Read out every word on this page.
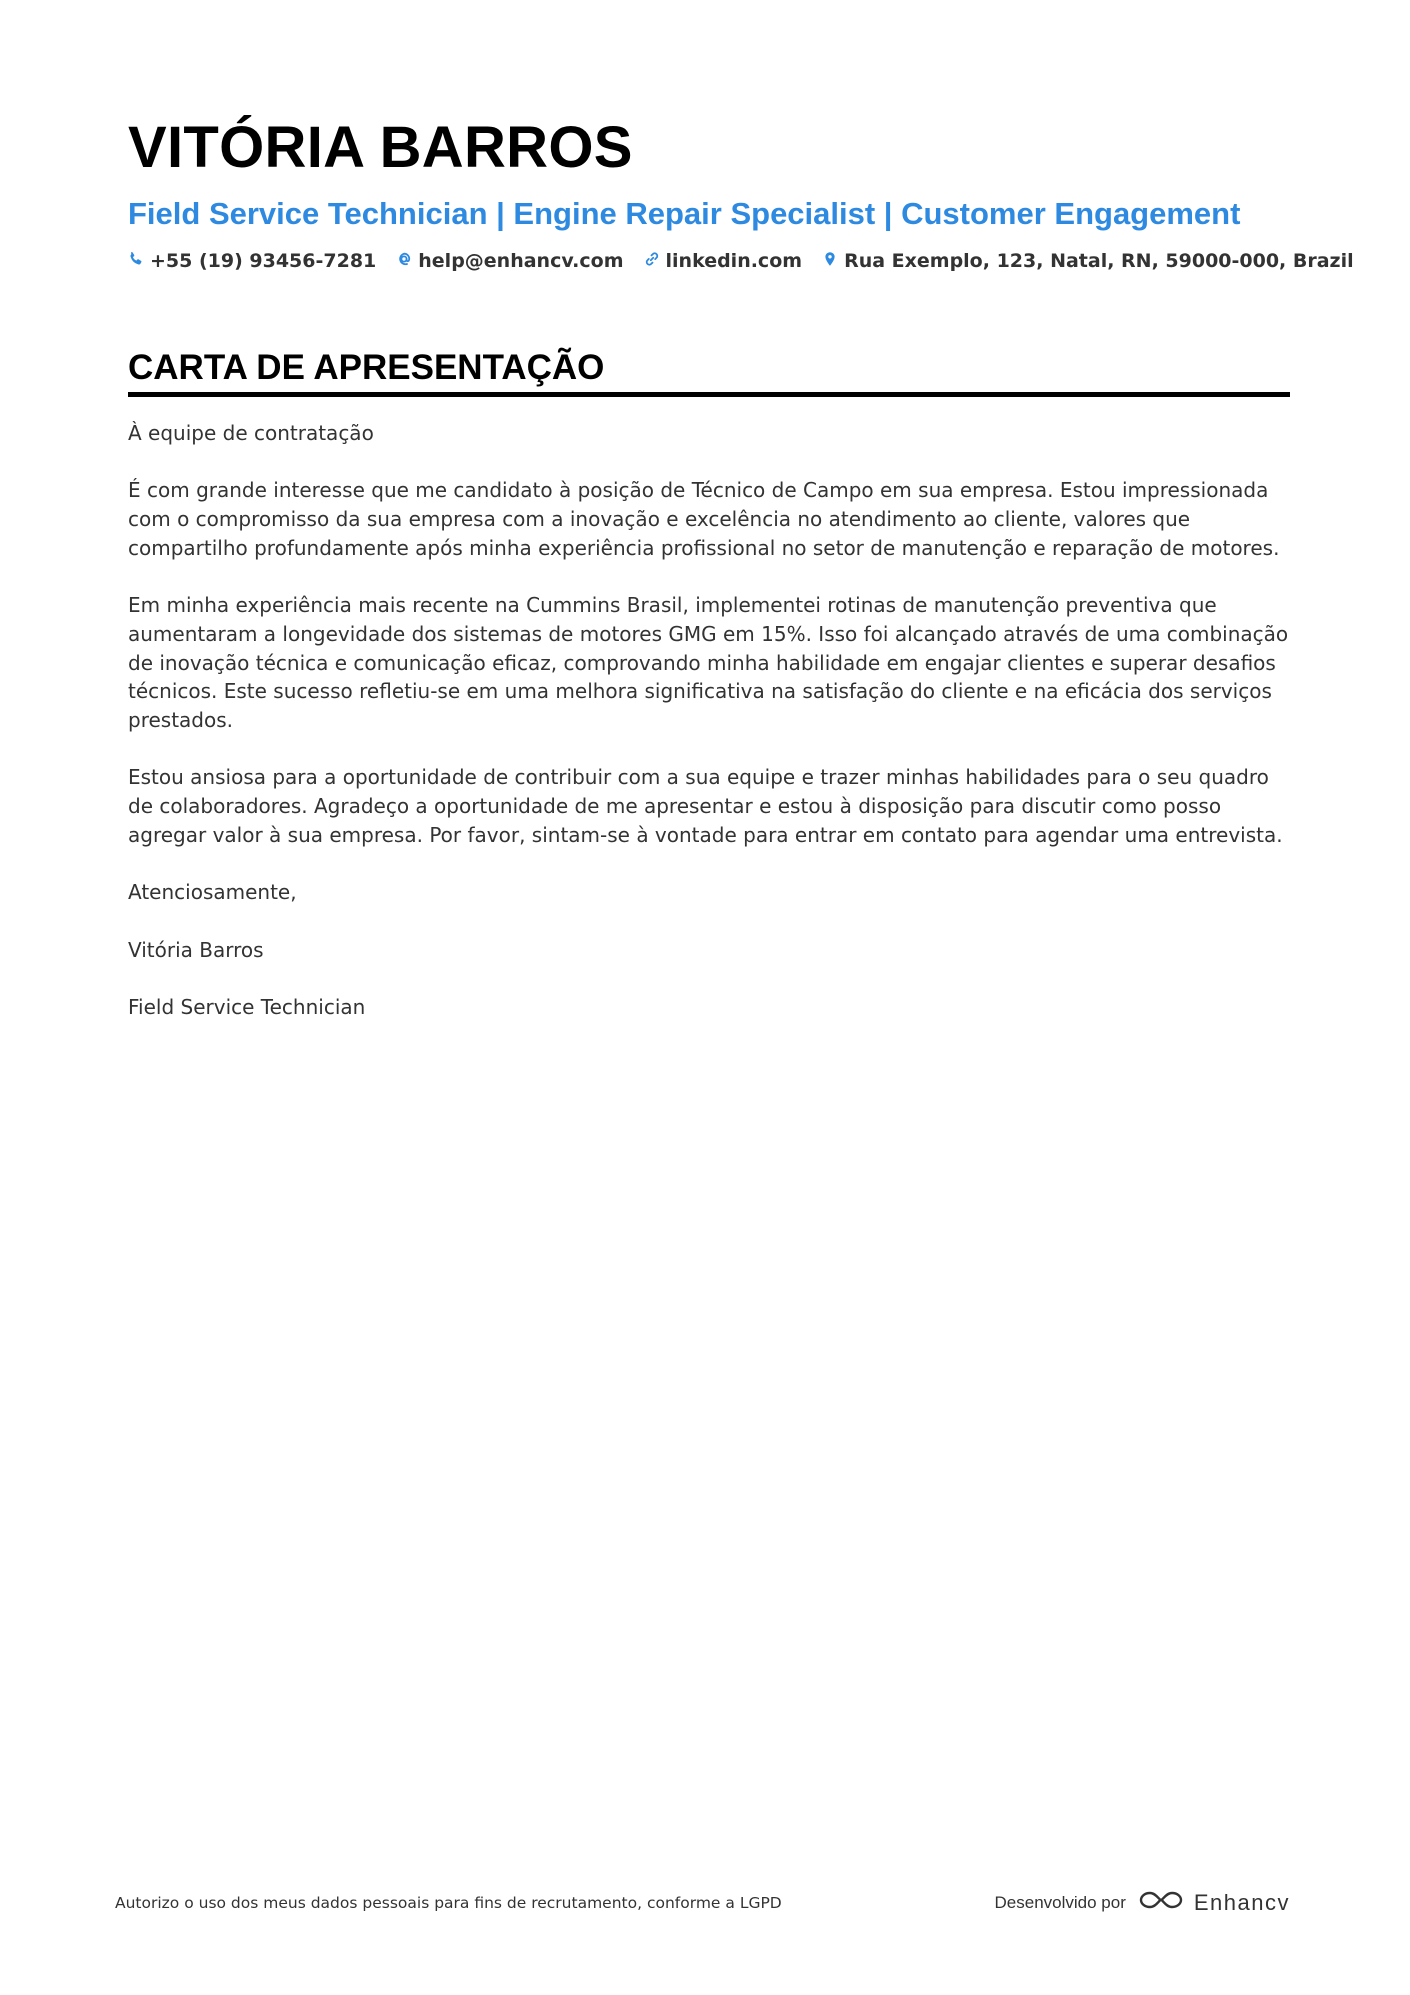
VITÓRIA BARROS
Field Service Technician | Engine Repair Specialist | Customer Engagement
+55 (19) 93456-7281 help@enhancv.com linkedin.com Rua Exemplo, 123, Natal, RN, 59000-000, Brazil
CARTA DE APRESENTAÇÃO

À equipe de contratação

É com grande interesse que me candidato à posição de Técnico de Campo em sua empresa. Estou impressionada com o compromisso da sua empresa com a inovação e excelência no atendimento ao cliente, valores que compartilho profundamente após minha experiência profissional no setor de manutenção e reparação de motores.

Em minha experiência mais recente na Cummins Brasil, implementei rotinas de manutenção preventiva que aumentaram a longevidade dos sistemas de motores GMG em 15%. Isso foi alcançado através de uma combinação de inovação técnica e comunicação eficaz, comprovando minha habilidade em engajar clientes e superar desafios técnicos. Este sucesso refletiu-se em uma melhora significativa na satisfação do cliente e na eficácia dos serviços prestados.

Estou ansiosa para a oportunidade de contribuir com a sua equipe e trazer minhas habilidades para o seu quadro de colaboradores. Agradeço a oportunidade de me apresentar e estou à disposição para discutir como posso agregar valor à sua empresa. Por favor, sintam-se à vontade para entrar em contato para agendar uma entrevista.

Atenciosamente,

Vitória Barros

Field Service Technician

Autorizo o uso dos meus dados pessoais para fins de recrutamento, conforme a LGPD	Desenvolvido por	Enhancv
